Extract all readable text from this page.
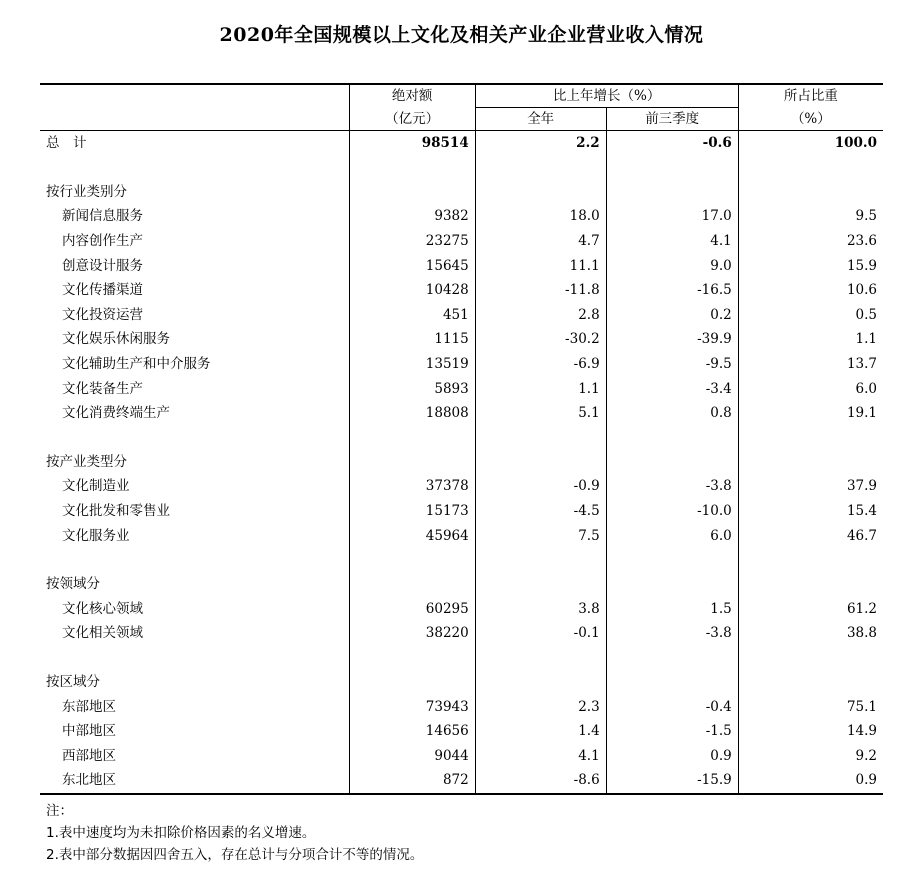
2020年全国规模以上文化及相关产业企业营业收入情况
	绝对额	比上年增长（%）		所占比重
	（亿元）	全年	前三季度	（%）
总　计	98514	2.2	-0.6	100.0

按行业类别分				
新闻信息服务	9382	18.0	17.0	9.5
内容创作生产	23275	4.7	4.1	23.6
创意设计服务	15645	11.1	9.0	15.9
文化传播渠道	10428	-11.8	-16.5	10.6
文化投资运营	451	2.8	0.2	0.5
文化娱乐休闲服务	1115	-30.2	-39.9	1.1
文化辅助生产和中介服务	13519	-6.9	-9.5	13.7
文化装备生产	5893	1.1	-3.4	6.0
文化消费终端生产	18808	5.1	0.8	19.1

按产业类型分				
文化制造业	37378	-0.9	-3.8	37.9
文化批发和零售业	15173	-4.5	-10.0	15.4
文化服务业	45964	7.5	6.0	46.7

按领域分				
文化核心领域	60295	3.8	1.5	61.2
文化相关领域	38220	-0.1	-3.8	38.8

按区域分				
东部地区	73943	2.3	-0.4	75.1
中部地区	14656	1.4	-1.5	14.9
西部地区	9044	4.1	0.9	9.2
东北地区	872	-8.6	-15.9	0.9
注：
1.表中速度均为未扣除价格因素的名义增速。
2.表中部分数据因四舍五入，存在总计与分项合计不等的情况。
